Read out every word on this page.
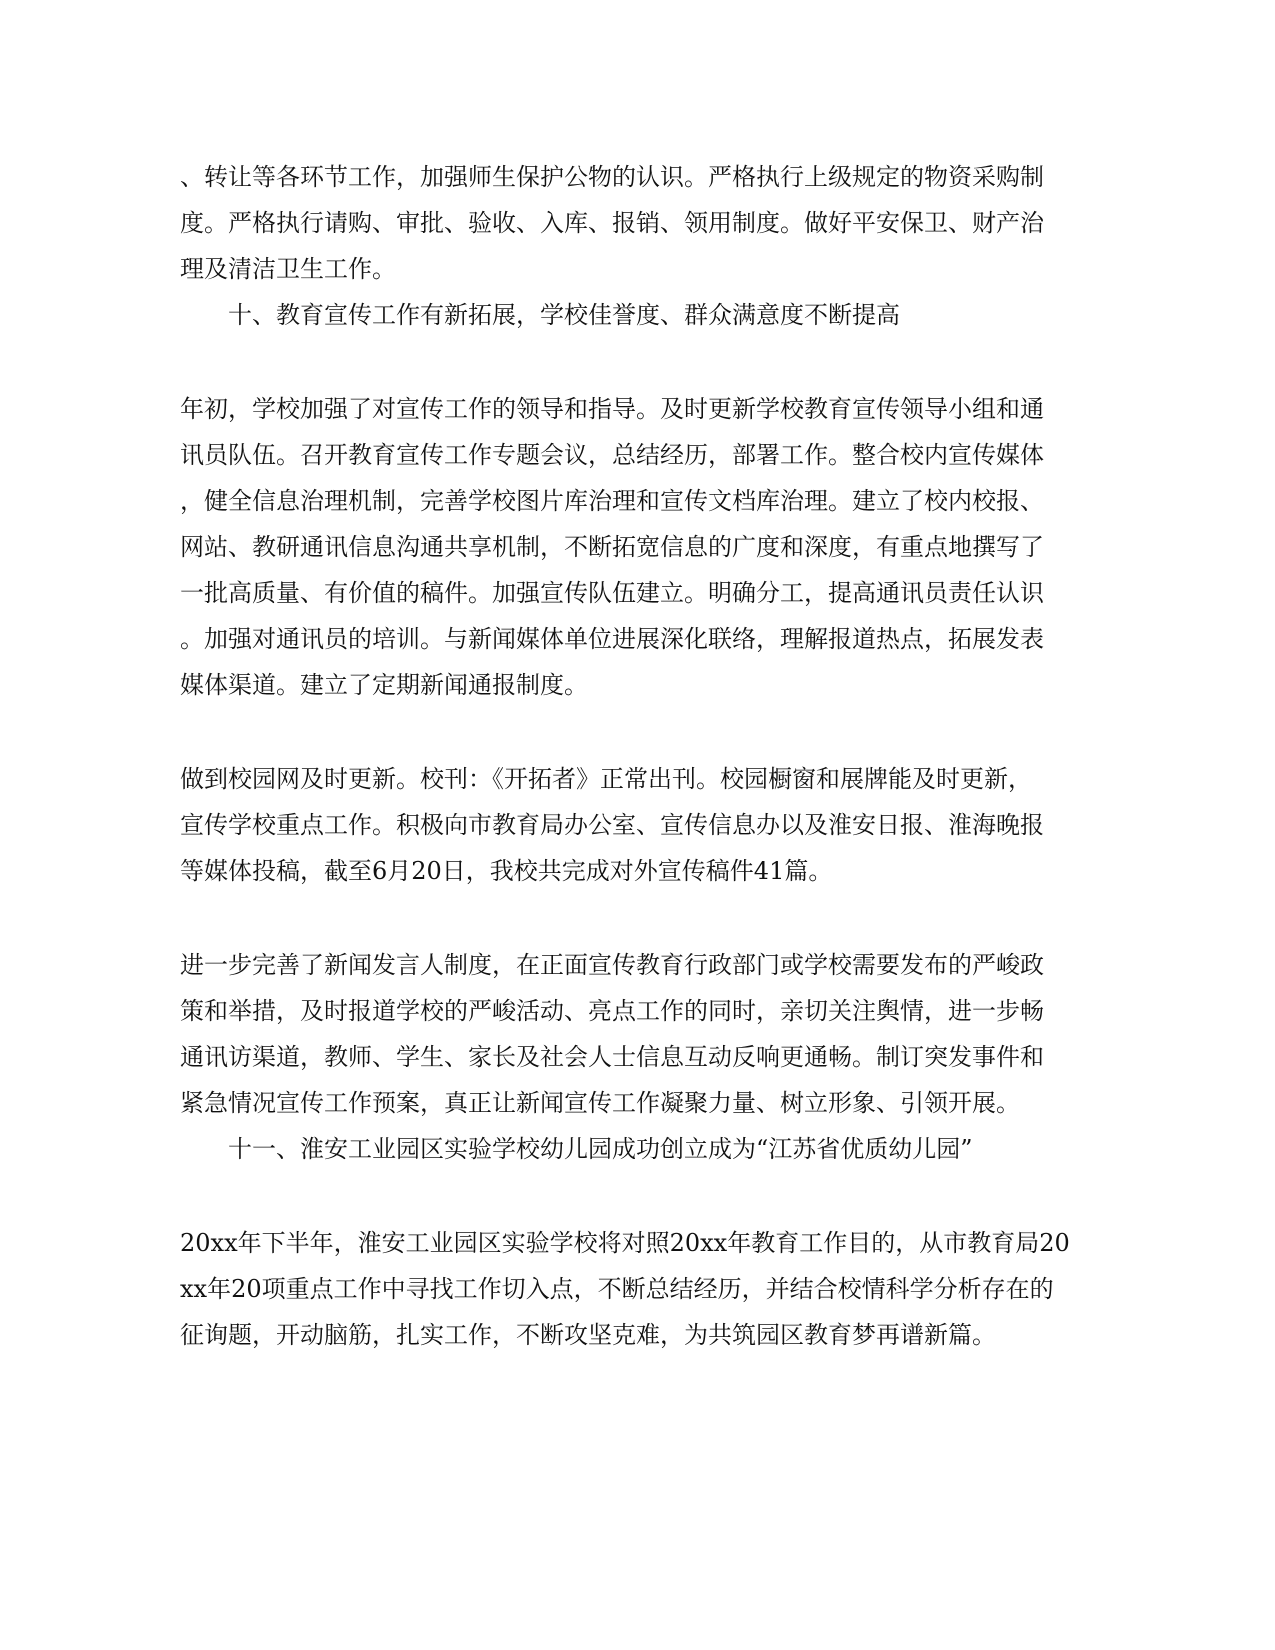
、转让等各环节工作，加强师生保护公物的认识。严格执行上级规定的物资采购制
度。严格执行请购、审批、验收、入库、报销、领用制度。做好平安保卫、财产治
理及清洁卫生工作。
十、教育宣传工作有新拓展，学校佳誉度、群众满意度不断提高
年初，学校加强了对宣传工作的领导和指导。及时更新学校教育宣传领导小组和通
讯员队伍。召开教育宣传工作专题会议，总结经历，部署工作。整合校内宣传媒体
，健全信息治理机制，完善学校图片库治理和宣传文档库治理。建立了校内校报、
网站、教研通讯信息沟通共享机制，不断拓宽信息的广度和深度，有重点地撰写了
一批高质量、有价值的稿件。加强宣传队伍建立。明确分工，提高通讯员责任认识
。加强对通讯员的培训。与新闻媒体单位进展深化联络，理解报道热点，拓展发表
媒体渠道。建立了定期新闻通报制度。
做到校园网及时更新。校刊：《开拓者》正常出刊。校园橱窗和展牌能及时更新，
宣传学校重点工作。积极向市教育局办公室、宣传信息办以及淮安日报、淮海晚报
等媒体投稿，截至6月20日，我校共完成对外宣传稿件41篇。
进一步完善了新闻发言人制度，在正面宣传教育行政部门或学校需要发布的严峻政
策和举措，及时报道学校的严峻活动、亮点工作的同时，亲切关注舆情，进一步畅
通讯访渠道，教师、学生、家长及社会人士信息互动反响更通畅。制订突发事件和
紧急情况宣传工作预案，真正让新闻宣传工作凝聚力量、树立形象、引领开展。
十一、淮安工业园区实验学校幼儿园成功创立成为“江苏省优质幼儿园”
20xx年下半年，淮安工业园区实验学校将对照20xx年教育工作目的，从市教育局20
xx年20项重点工作中寻找工作切入点，不断总结经历，并结合校情科学分析存在的
征询题，开动脑筋，扎实工作，不断攻坚克难，为共筑园区教育梦再谱新篇。
